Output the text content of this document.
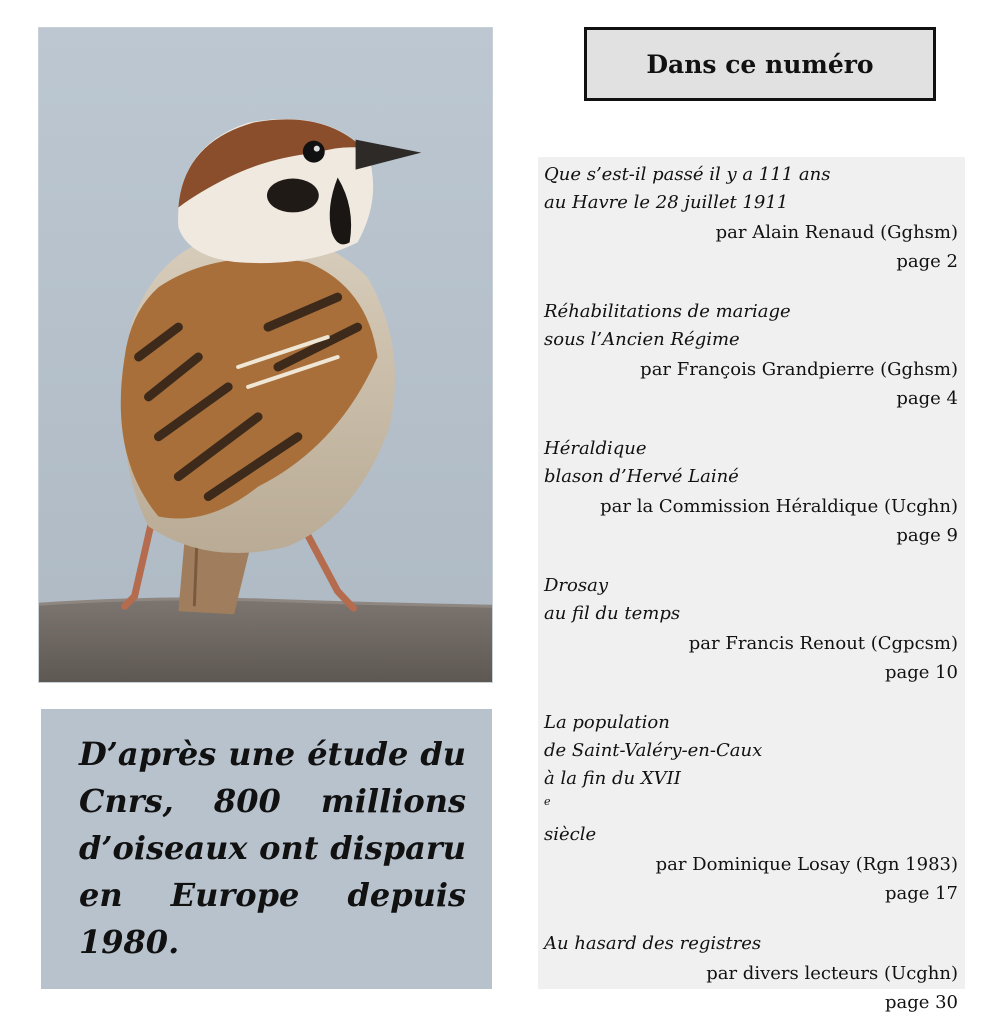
D’après une étude du Cnrs, 800 millions d’oiseaux ont disparu en Europe depuis 1980.

Dans ce numéro

Que s’est-il passé il y a 111 ans
au Havre le 28 juillet 1911

par Alain Renaud (Gghsm)

page 2

Réhabilitations de mariage
sous l’Ancien Régime

par François Grandpierre (Gghsm)

page 4

Héraldique
blason d’Hervé Lainé

par la Commission Héraldique (Ucghn)

page 9

Drosay
au fil du temps

par Francis Renout (Cgpcsm)

page 10

La population
de Saint-Valéry-en-Caux
à la fin du XVII
$^e$
siècle

par Dominique Losay (Rgn 1983)

page 17

Au hasard des registres

par divers lecteurs (Ucghn)

page 30
